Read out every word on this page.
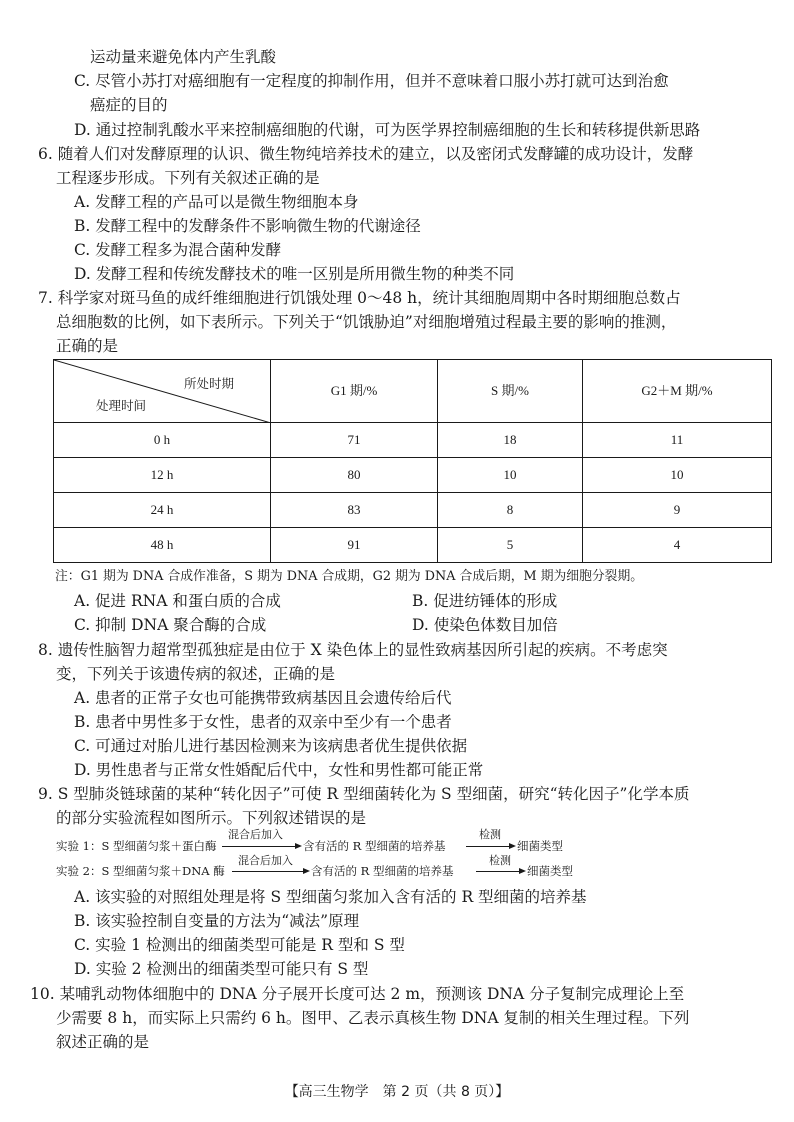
运动量来避免体内产生乳酸
C. 尽管小苏打对癌细胞有一定程度的抑制作用，但并不意味着口服小苏打就可达到治愈
癌症的目的
D. 通过控制乳酸水平来控制癌细胞的代谢，可为医学界控制癌细胞的生长和转移提供新思路
6. 随着人们对发酵原理的认识、微生物纯培养技术的建立，以及密闭式发酵罐的成功设计，发酵
工程逐步形成。下列有关叙述正确的是
A. 发酵工程的产品可以是微生物细胞本身
B. 发酵工程中的发酵条件不影响微生物的代谢途径
C. 发酵工程多为混合菌种发酵
D. 发酵工程和传统发酵技术的唯一区别是所用微生物的种类不同
7. 科学家对斑马鱼的成纤维细胞进行饥饿处理 0～48 h，统计其细胞周期中各时期细胞总数占
总细胞数的比例，如下表所示。下列关于“饥饿胁迫”对细胞增殖过程最主要的影响的推测，
正确的是
所处时期
处理时间	G1 期/%	S 期/%	G2＋M 期/%
0 h	71	18	11
12 h	80	10	10
24 h	83	8	9
48 h	91	5	4
注：G1 期为 DNA 合成作准备，S 期为 DNA 合成期，G2 期为 DNA 合成后期，M 期为细胞分裂期。
A. 促进 RNA 和蛋白质的合成	B. 促进纺锤体的形成
C. 抑制 DNA 聚合酶的合成	D. 使染色体数目加倍
8. 遗传性脑智力超常型孤独症是由位于 X 染色体上的显性致病基因所引起的疾病。不考虑突
变，下列关于该遗传病的叙述，正确的是
A. 患者的正常子女也可能携带致病基因且会遗传给后代
B. 患者中男性多于女性，患者的双亲中至少有一个患者
C. 可通过对胎儿进行基因检测来为该病患者优生提供依据
D. 男性患者与正常女性婚配后代中，女性和男性都可能正常
9. S 型肺炎链球菌的某种“转化因子”可使 R 型细菌转化为 S 型细菌，研究“转化因子”化学本质
的部分实验流程如图所示。下列叙述错误的是
实验 1：S 型细菌匀浆＋蛋白酶
混合后加入
含有活的 R 型细菌的培养基
检测
细菌类型
实验 2：S 型细菌匀浆＋DNA 酶
混合后加入
含有活的 R 型细菌的培养基
检测
细菌类型
A. 该实验的对照组处理是将 S 型细菌匀浆加入含有活的 R 型细菌的培养基
B. 该实验控制自变量的方法为“减法”原理
C. 实验 1 检测出的细菌类型可能是 R 型和 S 型
D. 实验 2 检测出的细菌类型可能只有 S 型
10. 某哺乳动物体细胞中的 DNA 分子展开长度可达 2 m，预测该 DNA 分子复制完成理论上至
少需要 8 h，而实际上只需约 6 h。图甲、乙表示真核生物 DNA 复制的相关生理过程。下列
叙述正确的是
【高三生物学　第 2 页（共 8 页）】
